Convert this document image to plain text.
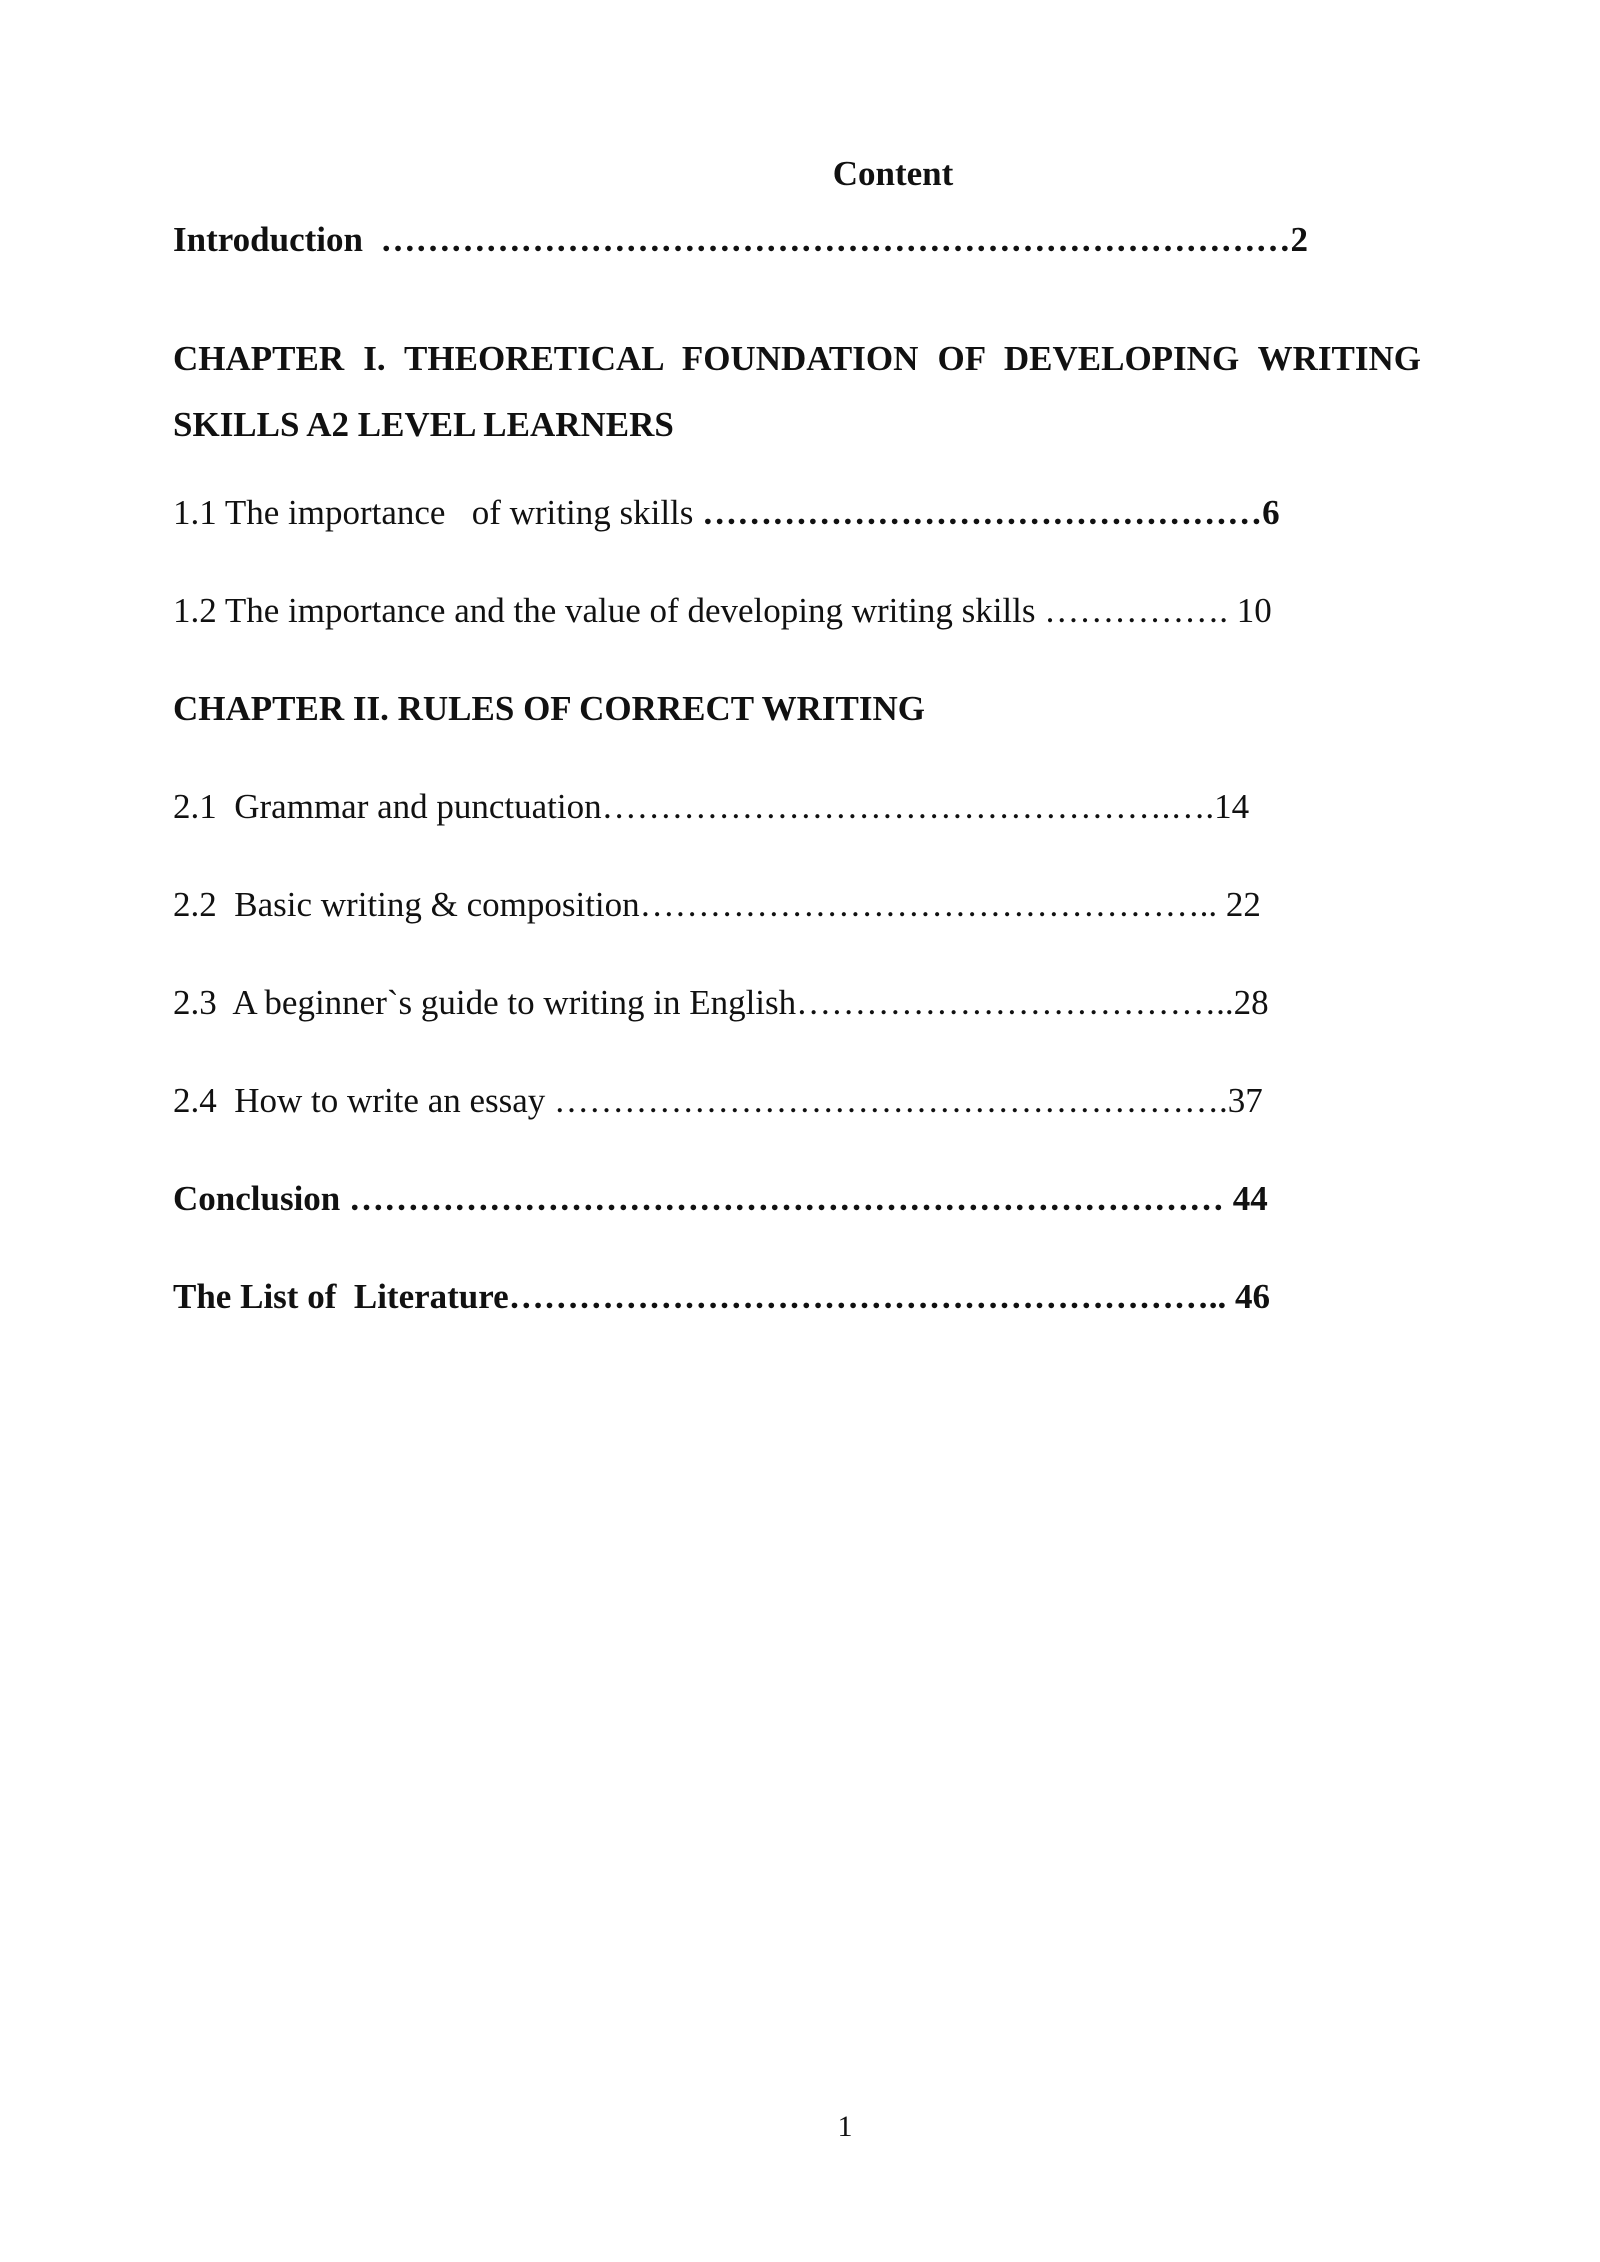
Content
Introduction  ……………………………………………………………………2
CHAPTER I. THEORETICAL FOUNDATION OF DEVELOPING WRITING SKILLS A2 LEVEL LEARNERS
1.1 The importance   of writing skills …………………………………………6
1.2 The importance and the value of developing writing skills ……………. 10
CHAPTER II. RULES OF CORRECT WRITING
2.1  Grammar and punctuation………………………………………….….14
2.2  Basic writing & composition………………………………………….. 22
2.3  A beginner`s guide to writing in English………………………………..28
2.4  How to write an essay ………………………………………………….37
Conclusion ………………………………………………………………… 44
The List of  Literature…………………………………………………….. 46
1
